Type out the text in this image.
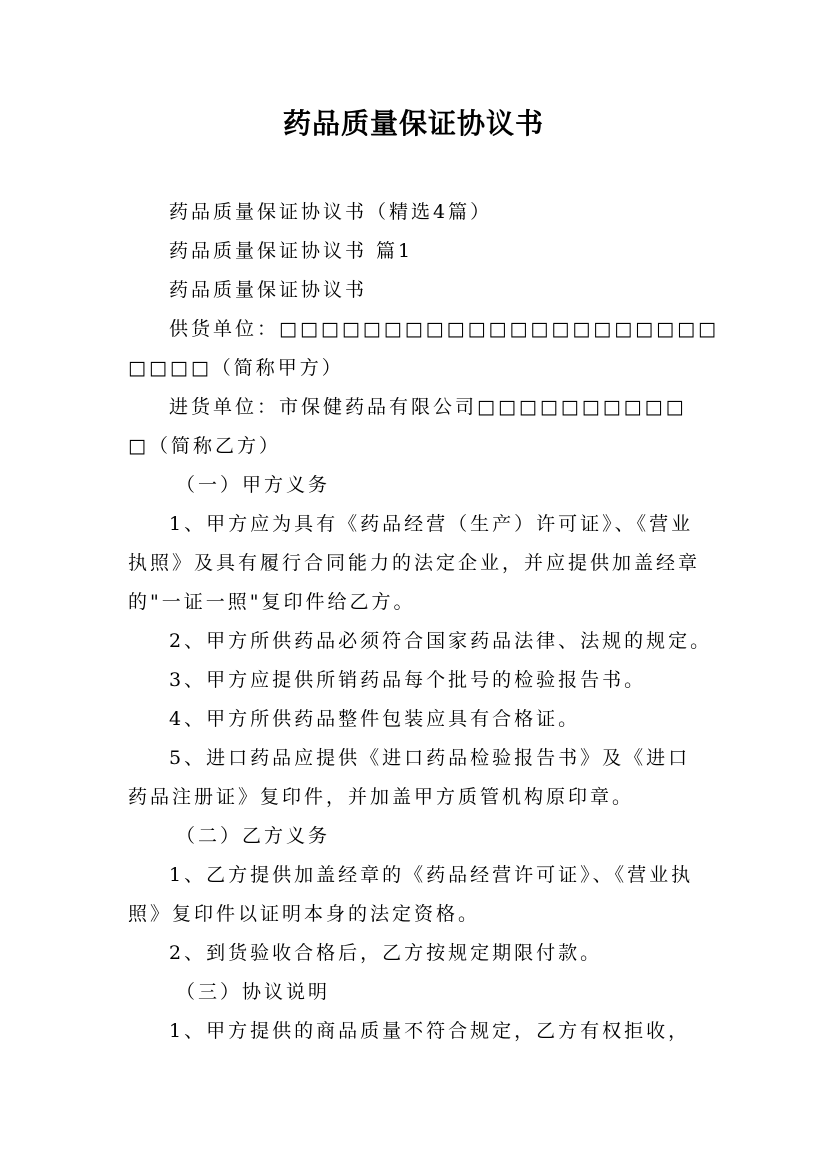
药品质量保证协议书
药品质量保证协议书（精选4篇）
药品质量保证协议书 篇1
药品质量保证协议书
供货单位：□□□□□□□□□□□□□□□□□□□□□
□□□□（简称甲方）
进货单位：市保健药品有限公司□□□□□□□□□□
□（简称乙方）
（一）甲方义务
1、甲方应为具有《药品经营（生产）许可证》、《营业
执照》及具有履行合同能力的法定企业，并应提供加盖经章
的"一证一照"复印件给乙方。
2、甲方所供药品必须符合国家药品法律、法规的规定。
3、甲方应提供所销药品每个批号的检验报告书。
4、甲方所供药品整件包装应具有合格证。
5、进口药品应提供《进口药品检验报告书》及《进口
药品注册证》复印件，并加盖甲方质管机构原印章。
（二）乙方义务
1、乙方提供加盖经章的《药品经营许可证》、《营业执
照》复印件以证明本身的法定资格。
2、到货验收合格后，乙方按规定期限付款。
（三）协议说明
1、甲方提供的商品质量不符合规定，乙方有权拒收，
